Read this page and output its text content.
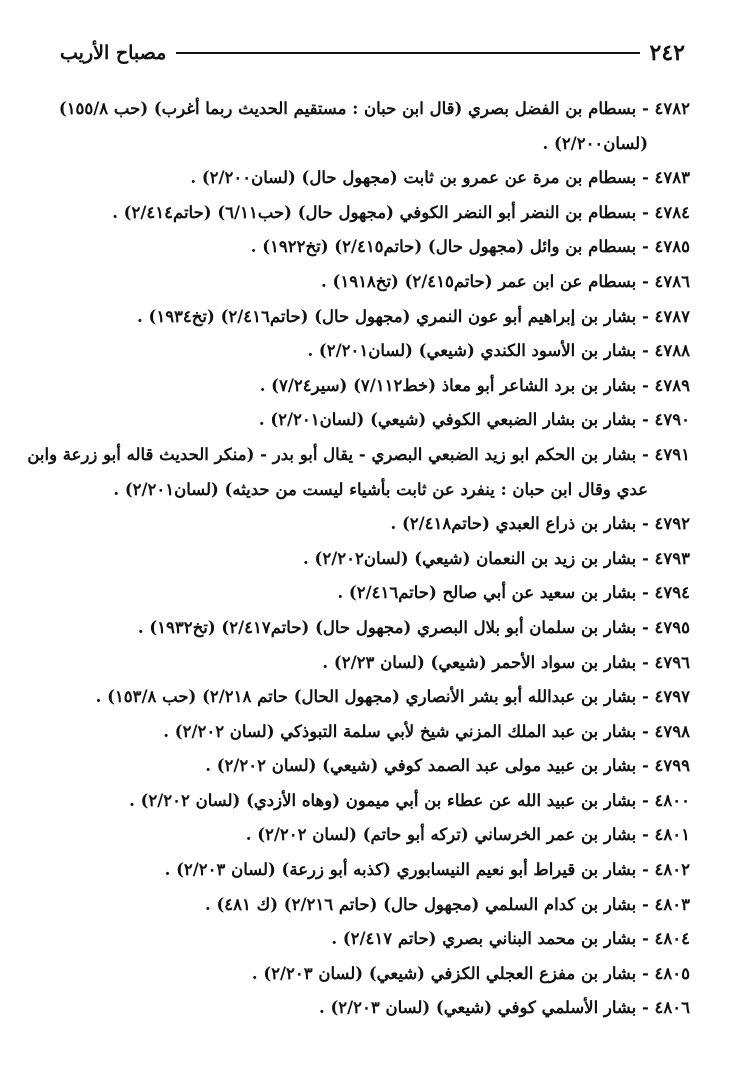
٢٤٢
مصباح الأريب
٤٧٨٢ - بسطام بن الفضل بصري (قال ابن حبان : مستقيم الحديث ربما أغرب) (حب ١٥٥/٨)
(لسان٢/٢٠٠) .
٤٧٨٣ - بسطام بن مرة عن عمرو بن ثابت (مجهول حال) (لسان٢/٢٠٠) .
٤٧٨٤ - بسطام بن النضر أبو النضر الكوفي (مجهول حال) (حب٦/١١) (حاتم٢/٤١٤) .
٤٧٨٥ - بسطام بن وائل (مجهول حال) (حاتم٢/٤١٥) (تخ١٩٢٢) .
٤٧٨٦ - بسطام عن ابن عمر (حاتم٢/٤١٥) (تخ١٩١٨) .
٤٧٨٧ - بشار بن إبراهيم أبو عون النمري (مجهول حال) (حاتم٢/٤١٦) (تخ١٩٣٤) .
٤٧٨٨ - بشار بن الأسود الكندي (شيعي) (لسان٢/٢٠١) .
٤٧٨٩ - بشار بن برد الشاعر أبو معاذ (خط٧/١١٢) (سير٧/٢٤) .
٤٧٩٠ - بشار بن بشار الضبعي الكوفي (شيعي) (لسان٢/٢٠١) .
٤٧٩١ - بشار بن الحكم ابو زيد الضبعي البصري - يقال أبو بدر - (منكر الحديث قاله أبو زرعة وابن
عدي وقال ابن حبان : ينفرد عن ثابت بأشياء ليست من حديثه) (لسان٢/٢٠١) .
٤٧٩٢ - بشار بن ذراع العبدي (حاتم٢/٤١٨) .
٤٧٩٣ - بشار بن زيد بن النعمان (شيعي) (لسان٢/٢٠٢) .
٤٧٩٤ - بشار بن سعيد عن أبي صالح (حاتم٢/٤١٦) .
٤٧٩٥ - بشار بن سلمان أبو بلال البصري (مجهول حال) (حاتم٢/٤١٧) (تخ١٩٣٢) .
٤٧٩٦ - بشار بن سواد الأحمر (شيعي) (لسان ٢/٢٣) .
٤٧٩٧ - بشار بن عبدالله أبو بشر الأنصاري (مجهول الحال) حاتم ٢/٢١٨) (حب ١٥٣/٨) .
٤٧٩٨ - بشار بن عبد الملك المزني شيخ لأبي سلمة التبوذكي (لسان ٢/٢٠٢) .
٤٧٩٩ - بشار بن عبيد مولى عبد الصمد كوفي (شيعي) (لسان ٢/٢٠٢) .
٤٨٠٠ - بشار بن عبيد الله عن عطاء بن أبي ميمون (وهاه الأزدي) (لسان ٢/٢٠٢) .
٤٨٠١ - بشار بن عمر الخرساني (تركه أبو حاتم) (لسان ٢/٢٠٢) .
٤٨٠٢ - بشار بن قيراط أبو نعيم النيسابوري (كذبه أبو زرعة) (لسان ٢/٢٠٣) .
٤٨٠٣ - بشار بن كدام السلمي (مجهول حال) (حاتم ٢/٢١٦) (ك ٤٨١) .
٤٨٠٤ - بشار بن محمد البناني بصري (حاتم ٢/٤١٧) .
٤٨٠٥ - بشار بن مفزع العجلي الكزفي (شيعي) (لسان ٢/٢٠٣) .
٤٨٠٦ - بشار الأسلمي كوفي (شيعي) (لسان ٢/٢٠٣) .
